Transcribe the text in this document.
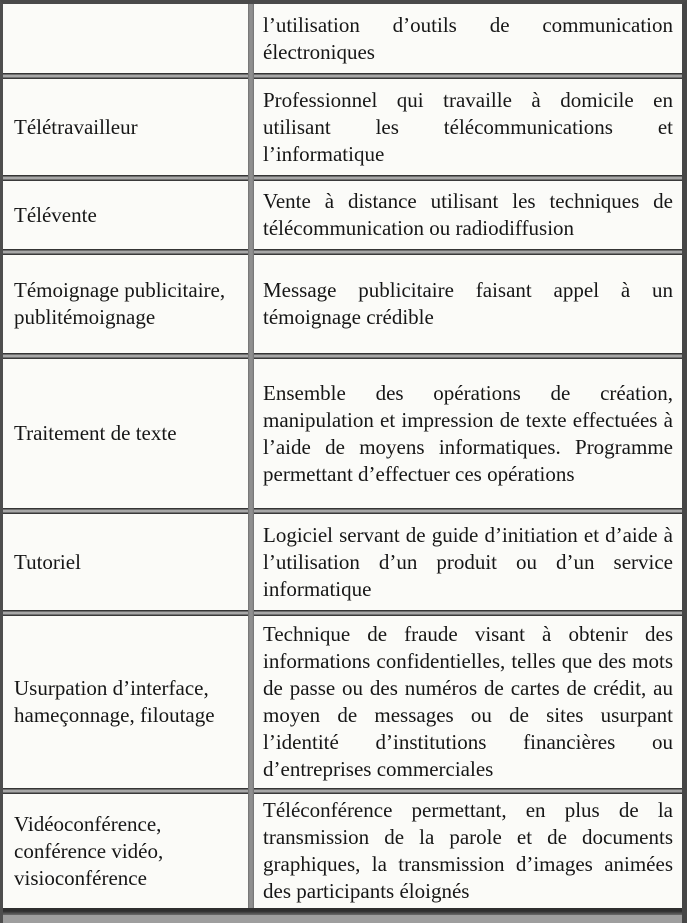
l’utilisation d’outils de communication électroniques
Télétravailleur
Professionnel qui travaille à domicile en utilisant les télécommunications et l’informatique
Télévente
Vente à distance utilisant les techniques de télécommunication ou radiodiffusion
Témoignage publicitaire, publitémoignage
Message publicitaire faisant appel à un témoignage crédible
Traitement de texte
Ensemble des opérations de création, manipulation et impression de texte effectuées à l’aide de moyens informatiques. Programme permettant d’effectuer ces opérations
Tutoriel
Logiciel servant de guide d’initiation et d’aide à l’utilisation d’un produit ou d’un service informatique
Usurpation d’interface, hameçonnage, filoutage
Technique de fraude visant à obtenir des informations confidentielles, telles que des mots de passe ou des numéros de cartes de crédit, au moyen de messages ou de sites usurpant l’identité d’institutions financières ou d’entreprises commerciales
Vidéoconférence, conférence vidéo, visioconférence
Téléconférence permettant, en plus de la transmission de la parole et de documents graphiques, la transmission d’images animées des participants éloignés
